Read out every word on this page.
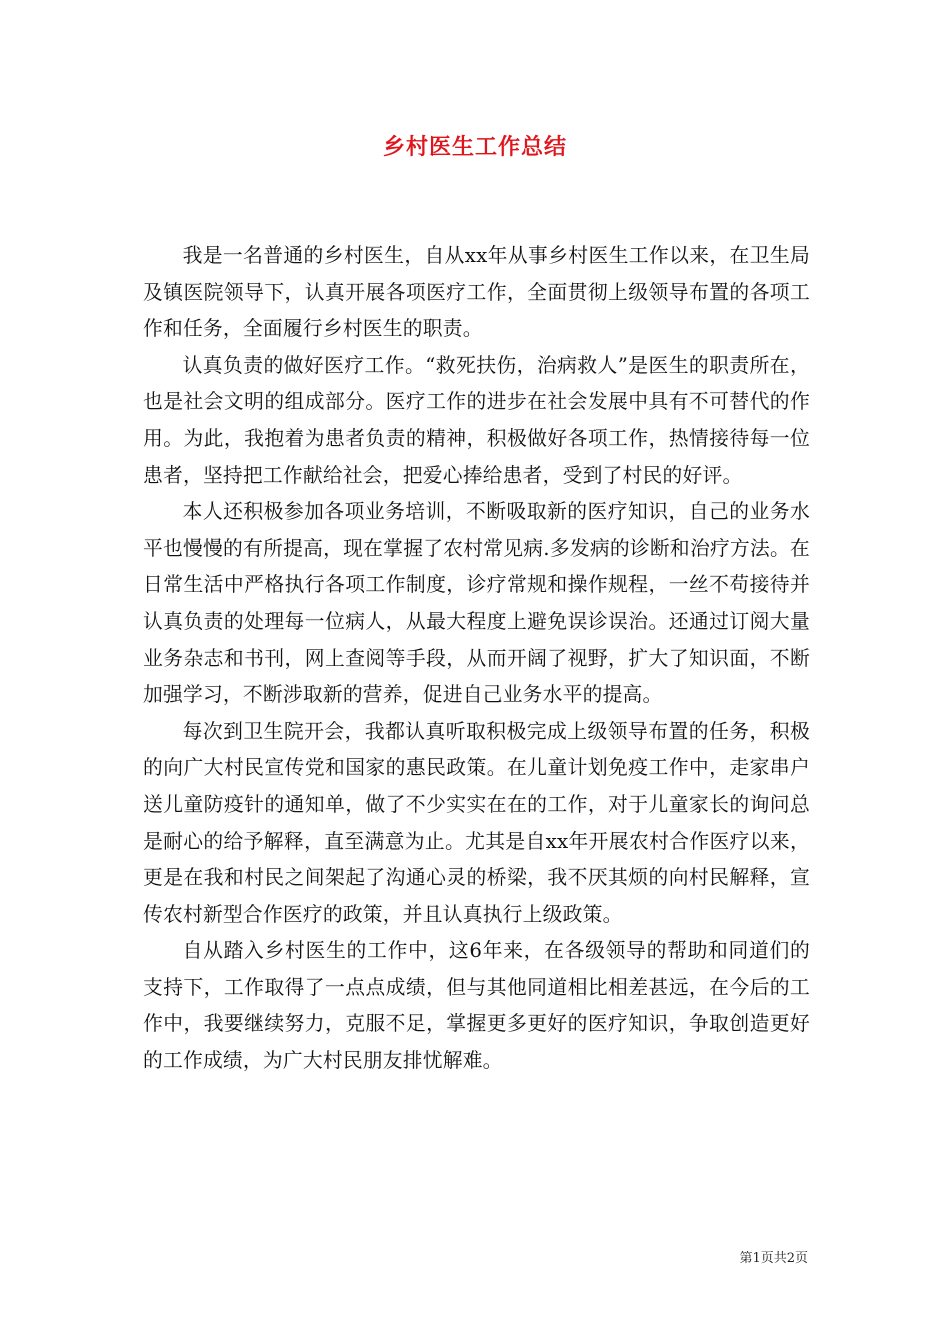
乡村医生工作总结

我是一名普通的乡村医生，自从xx年从事乡村医生工作以来，在卫生局及镇医院领导下，认真开展各项医疗工作，全面贯彻上级领导布置的各项工作和任务，全面履行乡村医生的职责。

认真负责的做好医疗工作。“救死扶伤，治病救人”是医生的职责所在，也是社会文明的组成部分。医疗工作的进步在社会发展中具有不可替代的作用。为此，我抱着为患者负责的精神，积极做好各项工作，热情接待每一位患者，坚持把工作献给社会，把爱心捧给患者，受到了村民的好评。

本人还积极参加各项业务培训，不断吸取新的医疗知识，自己的业务水平也慢慢的有所提高，现在掌握了农村常见病.多发病的诊断和治疗方法。在日常生活中严格执行各项工作制度，诊疗常规和操作规程，一丝不苟接待并认真负责的处理每一位病人，从最大程度上避免误诊误治。还通过订阅大量业务杂志和书刊，网上查阅等手段，从而开阔了视野，扩大了知识面，不断加强学习，不断涉取新的营养，促进自己业务水平的提高。

每次到卫生院开会，我都认真听取积极完成上级领导布置的任务，积极的向广大村民宣传党和国家的惠民政策。在儿童计划免疫工作中，走家串户送儿童防疫针的通知单，做了不少实实在在的工作，对于儿童家长的询问总是耐心的给予解释，直至满意为止。尤其是自xx年开展农村合作医疗以来，更是在我和村民之间架起了沟通心灵的桥梁，我不厌其烦的向村民解释，宣传农村新型合作医疗的政策，并且认真执行上级政策。

自从踏入乡村医生的工作中，这6年来，在各级领导的帮助和同道们的支持下，工作取得了一点点成绩，但与其他同道相比相差甚远，在今后的工作中，我要继续努力，克服不足，掌握更多更好的医疗知识，争取创造更好的工作成绩，为广大村民朋友排忧解难。

第1页共2页
